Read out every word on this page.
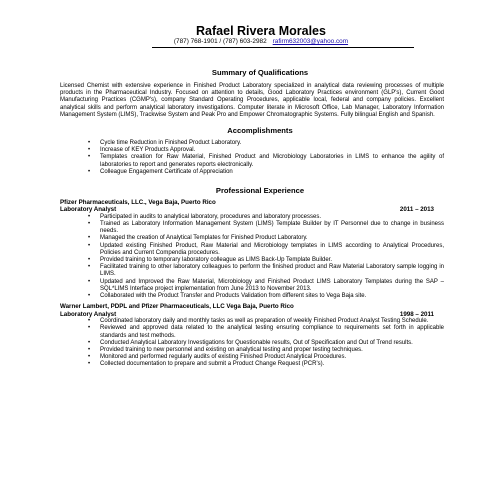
Rafael Rivera Morales
(787) 768-1901 / (787) 603-2982 rafirm632003@yahoo.com
Summary of Qualifications
Licensed Chemist with extensive experience in Finished Product Laboratory specialized in analytical data reviewing processes of multiple products in the Pharmaceutical Industry. Focused on attention to details, Good Laboratory Practices environment (GLP's), Current Good Manufacturing Practices (CGMP's), company Standard Operating Procedures, applicable local, federal and company policies. Excellent analytical skills and perform analytical laboratory investigations. Computer literate in Microsoft Office, Lab Manager, Laboratory Information Management System (LIMS), Trackwise System and Peak Pro and Empower Chromatographic Systems. Fully bilingual English and Spanish.
Accomplishments
• Cycle time Reduction in Finished Product Laboratory.
• Increase of KEY Products Approval.
• Templates creation for Raw Material, Finished Product and Microbiology Laboratories in LIMS to enhance the agility of laboratories to report and generates reports electronically.
• Colleague Engagement Certificate of Appreciation
Professional Experience
Pfizer Pharmaceuticals, LLC., Vega Baja, Puerto Rico
Laboratory Analyst	2011 – 2013
• Participated in audits to analytical laboratory, procedures and laboratory processes.
• Trained as Laboratory Information Management System (LIMS) Template Builder by IT Personnel due to change in business needs.
• Managed the creation of Analytical Templates for Finished Product Laboratory.
• Updated existing Finished Product, Raw Material and Microbiology templates in LIMS according to Analytical Procedures, Policies and Current Compendia procedures.
• Provided training to temporary laboratory colleague as LIMS Back-Up Template Builder.
• Facilitated training to other laboratory colleagues to perform the finished product and Raw Material Laboratory sample logging in LIMS.
• Updated and Improved the Raw Material, Microbiology and Finished Product LIMS Laboratory Templates during the SAP – SQL*LIMS Interface project implementation from June 2013 to November 2013.
• Collaborated with the Product Transfer and Products Validation from different sites to Vega Baja site.
Warner Lambert, PDPL and Pfizer Pharmaceuticals, LLC Vega Baja, Puerto Rico
Laboratory Analyst	1998 – 2011
• Coordinated laboratory daily and monthly tasks as well as preparation of weekly Finished Product Analyst Testing Schedule.
• Reviewed and approved data related to the analytical testing ensuring compliance to requirements set forth in applicable standards and test methods.
• Conducted Analytical Laboratory Investigations for Questionable results, Out of Specification and Out of Trend results.
• Provided training to new personnel and existing on analytical testing and proper testing techniques.
• Monitored and performed regularly audits of existing Finished Product Analytical Procedures.
• Collected documentation to prepare and submit a Product Change Request (PCR's).
